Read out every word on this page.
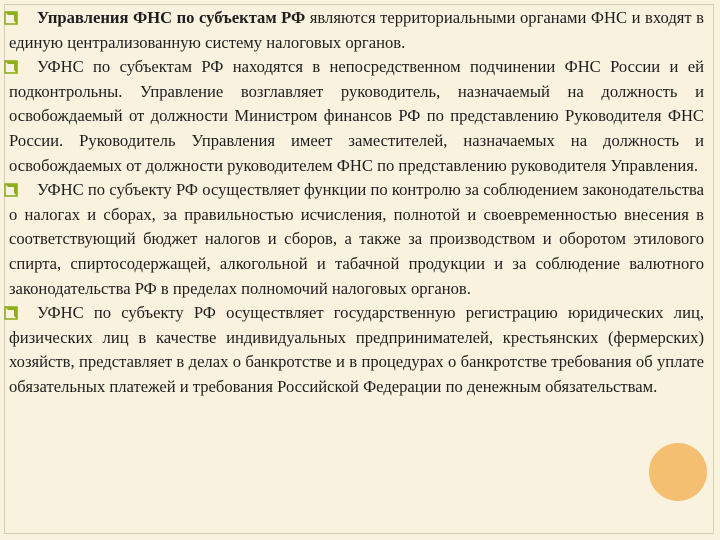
Управления ФНС по субъектам РФ являются территориальными органами ФНС и входят в единую централизованную систему налоговых органов.

УФНС по субъектам РФ находятся в непосредственном подчинении ФНС России и ей подконтрольны. Управление возглавляет руководитель, назначаемый на должность и освобождаемый от должности Министром финансов РФ по представлению Руководителя ФНС России. Руководитель Управления имеет заместителей, назначаемых на должность и освобождаемых от должности руководителем ФНС по представлению руководителя Управления.

УФНС по субъекту РФ осуществляет функции по контролю за соблюдением законодательства о налогах и сборах, за правильностью исчисления, полнотой и своевременностью внесения в соответствующий бюджет налогов и сборов, а также за производством и оборотом этилового спирта, спиртосодержащей, алкогольной и табачной продукции и за соблюдение валютного законодательства РФ в пределах полномочий налоговых органов.

УФНС по субъекту РФ осуществляет государственную регистрацию юридических лиц, физических лиц в качестве индивидуальных предпринимателей, крестьянских (фермерских) хозяйств, представляет в делах о банкротстве и в процедурах о банкротстве требования об уплате обязательных платежей и требования Российской Федерации по денежным обязательствам.
